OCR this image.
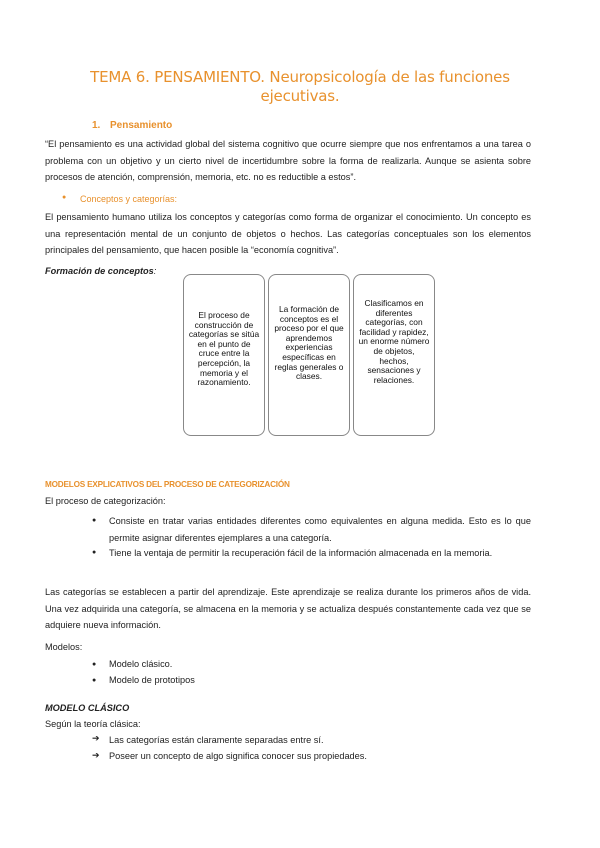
TEMA 6. PENSAMIENTO. Neuropsicología de las funciones
ejecutivas.
1. Pensamiento
“El pensamiento es una actividad global del sistema cognitivo que ocurre siempre que nos enfrentamos a una tarea o problema con un objetivo y un cierto nivel de incertidumbre sobre la forma de realizarla. Aunque se asienta sobre procesos de atención, comprensión, memoria, etc. no es reductible a estos”.
● Conceptos y categorías:
El pensamiento humano utiliza los conceptos y categorías como forma de organizar el conocimiento. Un concepto es una representación mental de un conjunto de objetos o hechos. Las categorías conceptuales son los elementos principales del pensamiento, que hacen posible la “economía cognitiva”.
Formación de conceptos:
El proceso de construcción de categorías se sitúa en el punto de cruce entre la percepción, la memoria y el razonamiento.
La formación de conceptos es el proceso por el que aprendemos experiencias específicas en reglas generales o clases.
Clasificamos en diferentes categorías, con facilidad y rapidez, un enorme número de objetos, hechos, sensaciones y relaciones.
MODELOS EXPLICATIVOS DEL PROCESO DE CATEGORIZACIÓN
El proceso de categorización:
● Consiste en tratar varias entidades diferentes como equivalentes en alguna medida. Esto es lo que permite asignar diferentes ejemplares a una categoría.
● Tiene la ventaja de permitir la recuperación fácil de la información almacenada en la memoria.
Las categorías se establecen a partir del aprendizaje. Este aprendizaje se realiza durante los primeros años de vida. Una vez adquirida una categoría, se almacena en la memoria y se actualiza después constantemente cada vez que se adquiere nueva información.
Modelos:
● Modelo clásico.
● Modelo de prototipos
MODELO CLÁSICO
Según la teoría clásica:
➔ Las categorías están claramente separadas entre sí.
➔ Poseer un concepto de algo significa conocer sus propiedades.
